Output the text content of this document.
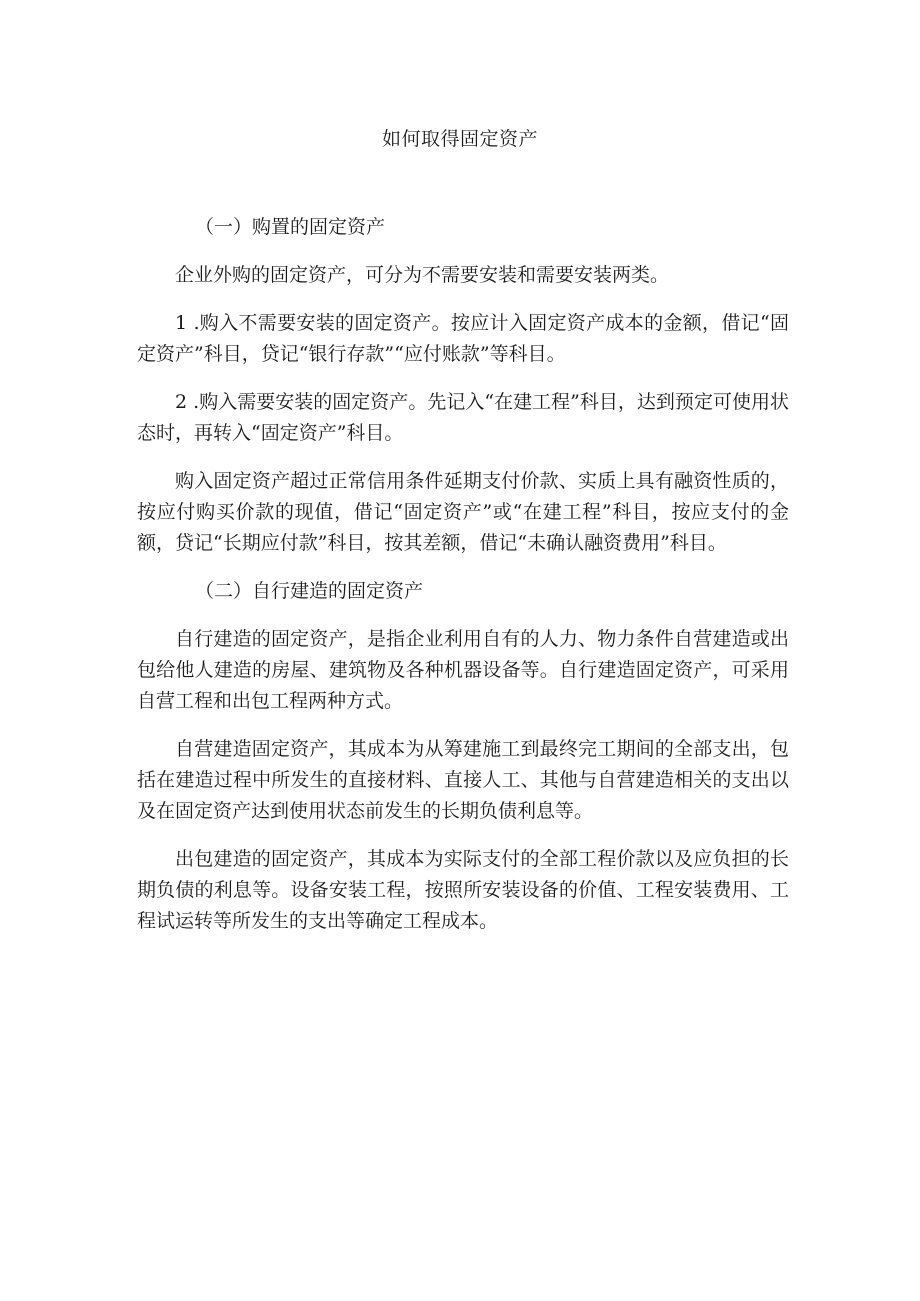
如何取得固定资产
（一）购置的固定资产

企业外购的固定资产，可分为不需要安装和需要安装两类。

1 .购入不需要安装的固定资产。按应计入固定资产成本的金额，借记“固定资产”科目，贷记“银行存款”“应付账款”等科目。

2 .购入需要安装的固定资产。先记入“在建工程”科目，达到预定可使用状态时，再转入“固定资产”科目。

购入固定资产超过正常信用条件延期支付价款、实质上具有融资性质的，按应付购买价款的现值，借记“固定资产”或“在建工程”科目，按应支付的金额，贷记“长期应付款”科目，按其差额，借记“未确认融资费用”科目。

（二）自行建造的固定资产

自行建造的固定资产，是指企业利用自有的人力、物力条件自营建造或出包给他人建造的房屋、建筑物及各种机器设备等。自行建造固定资产，可采用自营工程和出包工程两种方式。

自营建造固定资产，其成本为从筹建施工到最终完工期间的全部支出，包括在建造过程中所发生的直接材料、直接人工、其他与自营建造相关的支出以及在固定资产达到使用状态前发生的长期负债利息等。

出包建造的固定资产，其成本为实际支付的全部工程价款以及应负担的长期负债的利息等。设备安装工程，按照所安装设备的价值、工程安装费用、工程试运转等所发生的支出等确定工程成本。
